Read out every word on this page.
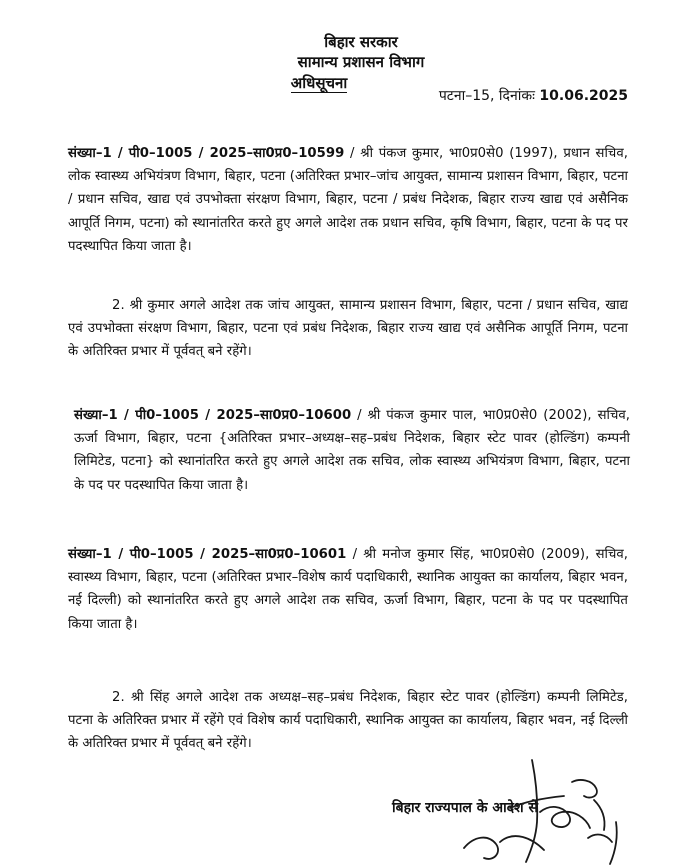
बिहार सरकार
सामान्य प्रशासन विभाग
अधिसूचना
पटना–15, दिनांकः 10.06.2025
संख्या–1 / पी0–1005 / 2025–सा0प्र0–10599 / श्री पंकज कुमार, भा0प्र0से0 (1997), प्रधान सचिव, लोक स्वास्थ्य अभियंत्रण विभाग, बिहार, पटना (अतिरिक्त प्रभार–जांच आयुक्त, सामान्य प्रशासन विभाग, बिहार, पटना / प्रधान सचिव, खाद्य एवं उपभोक्ता संरक्षण विभाग, बिहार, पटना / प्रबंध निदेशक, बिहार राज्य खाद्य एवं असैनिक आपूर्ति निगम, पटना) को स्थानांतरित करते हुए अगले आदेश तक प्रधान सचिव, कृषि विभाग, बिहार, पटना के पद पर पदस्थापित किया जाता है।
2. श्री कुमार अगले आदेश तक जांच आयुक्त, सामान्य प्रशासन विभाग, बिहार, पटना / प्रधान सचिव, खाद्य एवं उपभोक्ता संरक्षण विभाग, बिहार, पटना एवं प्रबंध निदेशक, बिहार राज्य खाद्य एवं असैनिक आपूर्ति निगम, पटना के अतिरिक्त प्रभार में पूर्ववत् बने रहेंगे।
संख्या–1 / पी0–1005 / 2025–सा0प्र0–10600 / श्री पंकज कुमार पाल, भा0प्र0से0 (2002), सचिव, ऊर्जा विभाग, बिहार, पटना {अतिरिक्त प्रभार–अध्यक्ष–सह–प्रबंध निदेशक, बिहार स्टेट पावर (होल्डिंग) कम्पनी लिमिटेड, पटना} को स्थानांतरित करते हुए अगले आदेश तक सचिव, लोक स्वास्थ्य अभियंत्रण विभाग, बिहार, पटना के पद पर पदस्थापित किया जाता है।
संख्या–1 / पी0–1005 / 2025–सा0प्र0–10601 / श्री मनोज कुमार सिंह, भा0प्र0से0 (2009), सचिव, स्वास्थ्य विभाग, बिहार, पटना (अतिरिक्त प्रभार–विशेष कार्य पदाधिकारी, स्थानिक आयुक्त का कार्यालय, बिहार भवन, नई दिल्ली) को स्थानांतरित करते हुए अगले आदेश तक सचिव, ऊर्जा विभाग, बिहार, पटना के पद पर पदस्थापित किया जाता है।
2. श्री सिंह अगले आदेश तक अध्यक्ष–सह–प्रबंध निदेशक, बिहार स्टेट पावर (होल्डिंग) कम्पनी लिमिटेड, पटना के अतिरिक्त प्रभार में रहेंगे एवं विशेष कार्य पदाधिकारी, स्थानिक आयुक्त का कार्यालय, बिहार भवन, नई दिल्ली के अतिरिक्त प्रभार में पूर्ववत् बने रहेंगे।
बिहार राज्यपाल के आदेश से
